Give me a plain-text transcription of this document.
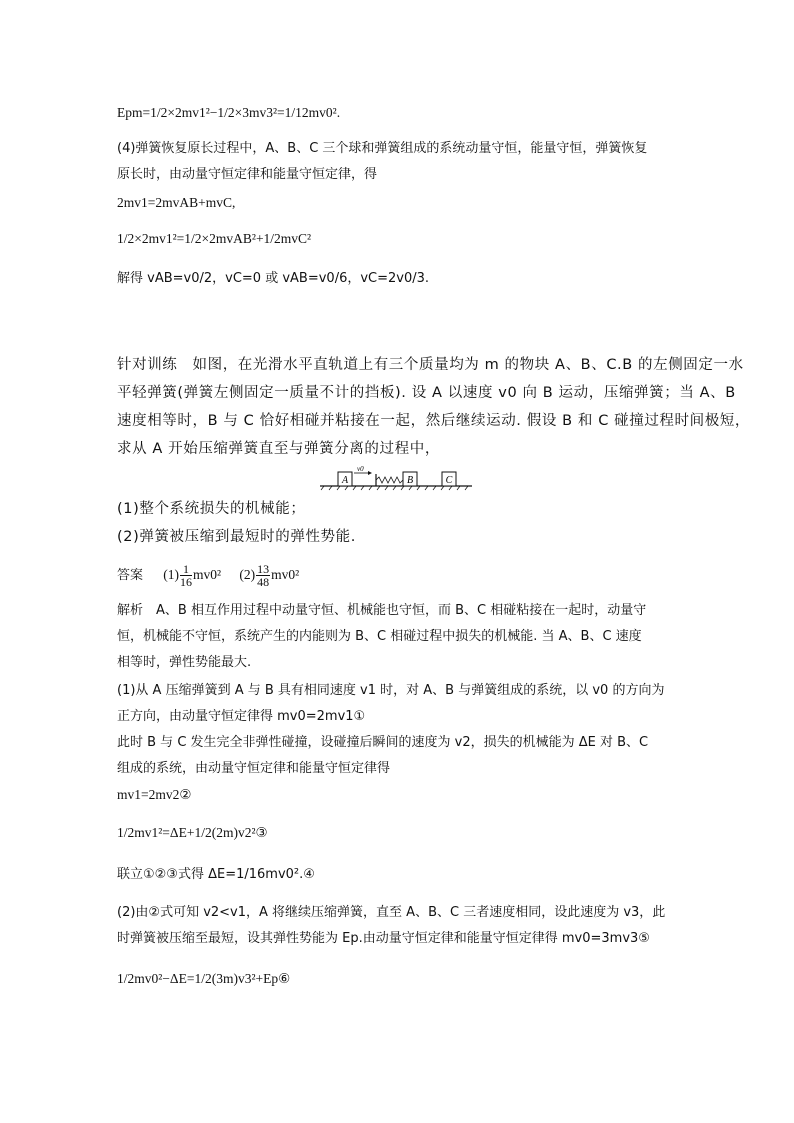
Epm=1/2×2mv1²−1/2×3mv3²=1/12mv0².
(4)弹簧恢复原长过程中，A、B、C 三个球和弹簧组成的系统动量守恒，能量守恒，弹簧恢复
原长时，由动量守恒定律和能量守恒定律，得
2mv1=2mvAB+mvC,
1/2×2mv1²=1/2×2mvAB²+1/2mvC²
解得 vAB=v0/2，vC=0 或 vAB=v0/6，vC=2v0/3.
针对训练　如图，在光滑水平直轨道上有三个质量均为 m 的物块 A、B、C.B 的左侧固定一水
平轻弹簧(弹簧左侧固定一质量不计的挡板). 设 A 以速度 v0 向 B 运动，压缩弹簧；当 A、B
速度相等时，B 与 C 恰好相碰并粘接在一起，然后继续运动. 假设 B 和 C 碰撞过程时间极短，
求从 A 开始压缩弹簧直至与弹簧分离的过程中，
A
v0
B	C
(1)整个系统损失的机械能；
(2)弹簧被压缩到最短时的弹性势能.
答案 $(1) \frac{1}{16} mv0^2$ $(2) \frac{13}{48} mv0^2$
解析　A、B 相互作用过程中动量守恒、机械能也守恒，而 B、C 相碰粘接在一起时，动量守
恒，机械能不守恒，系统产生的内能则为 B、C 相碰过程中损失的机械能. 当 A、B、C 速度
相等时，弹性势能最大.
(1)从 A 压缩弹簧到 A 与 B 具有相同速度 v1 时，对 A、B 与弹簧组成的系统，以 v0 的方向为
正方向，由动量守恒定律得 mv0=2mv1①
此时 B 与 C 发生完全非弹性碰撞，设碰撞后瞬间的速度为 v2，损失的机械能为 ΔE 对 B、C
组成的系统，由动量守恒定律和能量守恒定律得
mv1=2mv2②
1/2mv1²=ΔE+1/2(2m)v2²③
联立①②③式得 ΔE=1/16mv0².④
(2)由②式可知 v2<v1，A 将继续压缩弹簧，直至 A、B、C 三者速度相同，设此速度为 v3，此
时弹簧被压缩至最短，设其弹性势能为 Ep.由动量守恒定律和能量守恒定律得 mv0=3mv3⑤
1/2mv0²−ΔE=1/2(3m)v3²+Ep⑥
